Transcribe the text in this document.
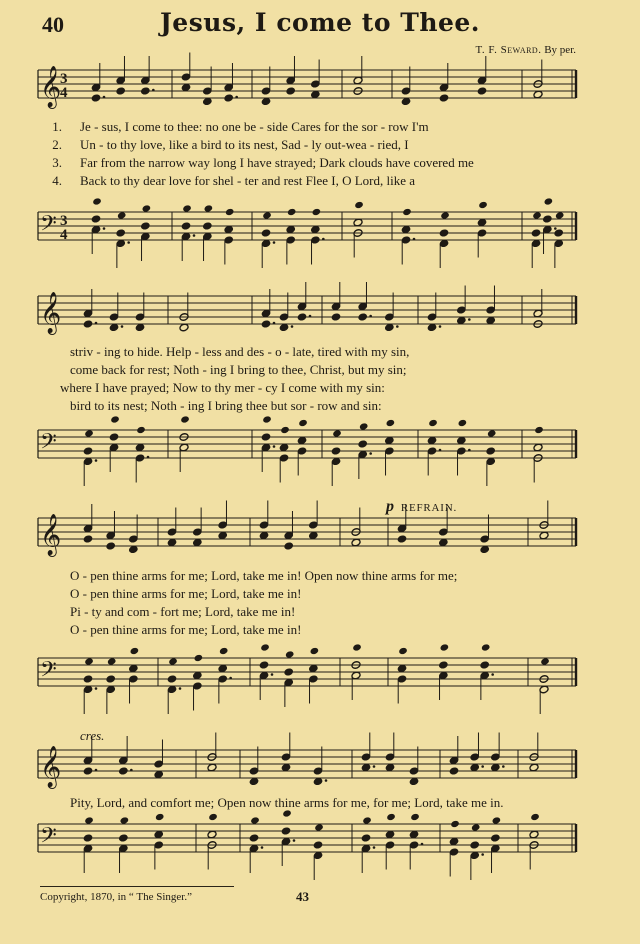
40	Jesus, I come to Thee.
T. F. Seward. By per.
𝄞
3
4
1. Je - sus, I come to thee: no one be - side Cares for the sor - row I'm
2. Un - to thy love, like a bird to its nest, Sad - ly out-wea - ried, I
3. Far from the narrow way long I have strayed; Dark clouds have covered me
4. Back to thy dear love for shel - ter and rest Flee I, O Lord, like a
𝄢 3
4
𝄞
striv - ing to hide. Help - less and des - o - late, tired with my sin,
come back for rest; Noth - ing I bring to thee, Christ, but my sin;
where I have prayed; Now to thy mer - cy I come with my sin:
bird to its nest; Noth - ing I bring thee but sor - row and sin:
𝄢
p REFRAIN.
𝄞
O - pen thine arms for me; Lord, take me in! Open now thine arms for me;
O - pen thine arms for me; Lord, take me in!
Pi - ty and com - fort me; Lord, take me in!
O - pen thine arms for me; Lord, take me in!
𝄢
cres.
𝄞
Pity, Lord, and comfort me; Open now thine arms for me, for me; Lord, take me in.
𝄢
Copyright, 1870, in “ The Singer.”	43
